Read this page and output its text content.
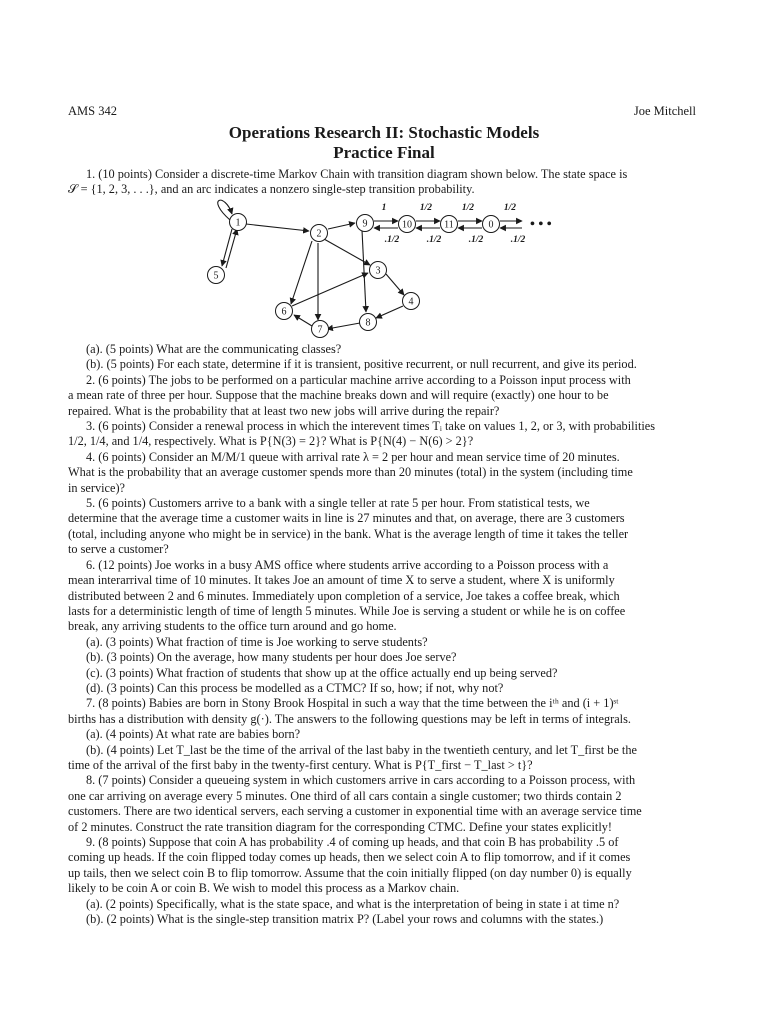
AMS 342	Joe Mitchell
Operations Research II: Stochastic Models
Practice Final
1. (10 points) Consider a discrete-time Markov Chain with transition diagram shown below. The state space is
𝒮 = {1, 2, 3, . . .}, and an arc indicates a nonzero single-step transition probability.
1
2
3
4
5
6
7
8
9	10	11	0
1	1/2	1/2	1/2
.1/2	.1/2	.1/2	.1/2
• • •
(a). (5 points) What are the communicating classes?
(b). (5 points) For each state, determine if it is transient, positive recurrent, or null recurrent, and give its period.
2. (6 points) The jobs to be performed on a particular machine arrive according to a Poisson input process with
a mean rate of three per hour. Suppose that the machine breaks down and will require (exactly) one hour to be
repaired. What is the probability that at least two new jobs will arrive during the repair?
3. (6 points) Consider a renewal process in which the interevent times Tᵢ take on values 1, 2, or 3, with probabilities
1/2, 1/4, and 1/4, respectively. What is P{N(3) = 2}? What is P{N(4) − N(6) > 2}?
4. (6 points) Consider an M/M/1 queue with arrival rate λ = 2 per hour and mean service time of 20 minutes.
What is the probability that an average customer spends more than 20 minutes (total) in the system (including time
in service)?
5. (6 points) Customers arrive to a bank with a single teller at rate 5 per hour. From statistical tests, we
determine that the average time a customer waits in line is 27 minutes and that, on average, there are 3 customers
(total, including anyone who might be in service) in the bank. What is the average length of time it takes the teller
to serve a customer?
6. (12 points) Joe works in a busy AMS office where students arrive according to a Poisson process with a
mean interarrival time of 10 minutes. It takes Joe an amount of time X to serve a student, where X is uniformly
distributed between 2 and 6 minutes. Immediately upon completion of a service, Joe takes a coffee break, which
lasts for a deterministic length of time of length 5 minutes. While Joe is serving a student or while he is on coffee
break, any arriving students to the office turn around and go home.
(a). (3 points) What fraction of time is Joe working to serve students?
(b). (3 points) On the average, how many students per hour does Joe serve?
(c). (3 points) What fraction of students that show up at the office actually end up being served?
(d). (3 points) Can this process be modelled as a CTMC? If so, how; if not, why not?
7. (8 points) Babies are born in Stony Brook Hospital in such a way that the time between the iᵗʰ and (i + 1)ˢᵗ
births has a distribution with density g(·). The answers to the following questions may be left in terms of integrals.
(a). (4 points) At what rate are babies born?
(b). (4 points) Let T_last be the time of the arrival of the last baby in the twentieth century, and let T_first be the
time of the arrival of the first baby in the twenty-first century. What is P{T_first − T_last > t}?
8. (7 points) Consider a queueing system in which customers arrive in cars according to a Poisson process, with
one car arriving on average every 5 minutes. One third of all cars contain a single customer; two thirds contain 2
customers. There are two identical servers, each serving a customer in exponential time with an average service time
of 2 minutes. Construct the rate transition diagram for the corresponding CTMC. Define your states explicitly!
9. (8 points) Suppose that coin A has probability .4 of coming up heads, and that coin B has probability .5 of
coming up heads. If the coin flipped today comes up heads, then we select coin A to flip tomorrow, and if it comes
up tails, then we select coin B to flip tomorrow. Assume that the coin initially flipped (on day number 0) is equally
likely to be coin A or coin B. We wish to model this process as a Markov chain.
(a). (2 points) Specifically, what is the state space, and what is the interpretation of being in state i at time n?
(b). (2 points) What is the single-step transition matrix P? (Label your rows and columns with the states.)
